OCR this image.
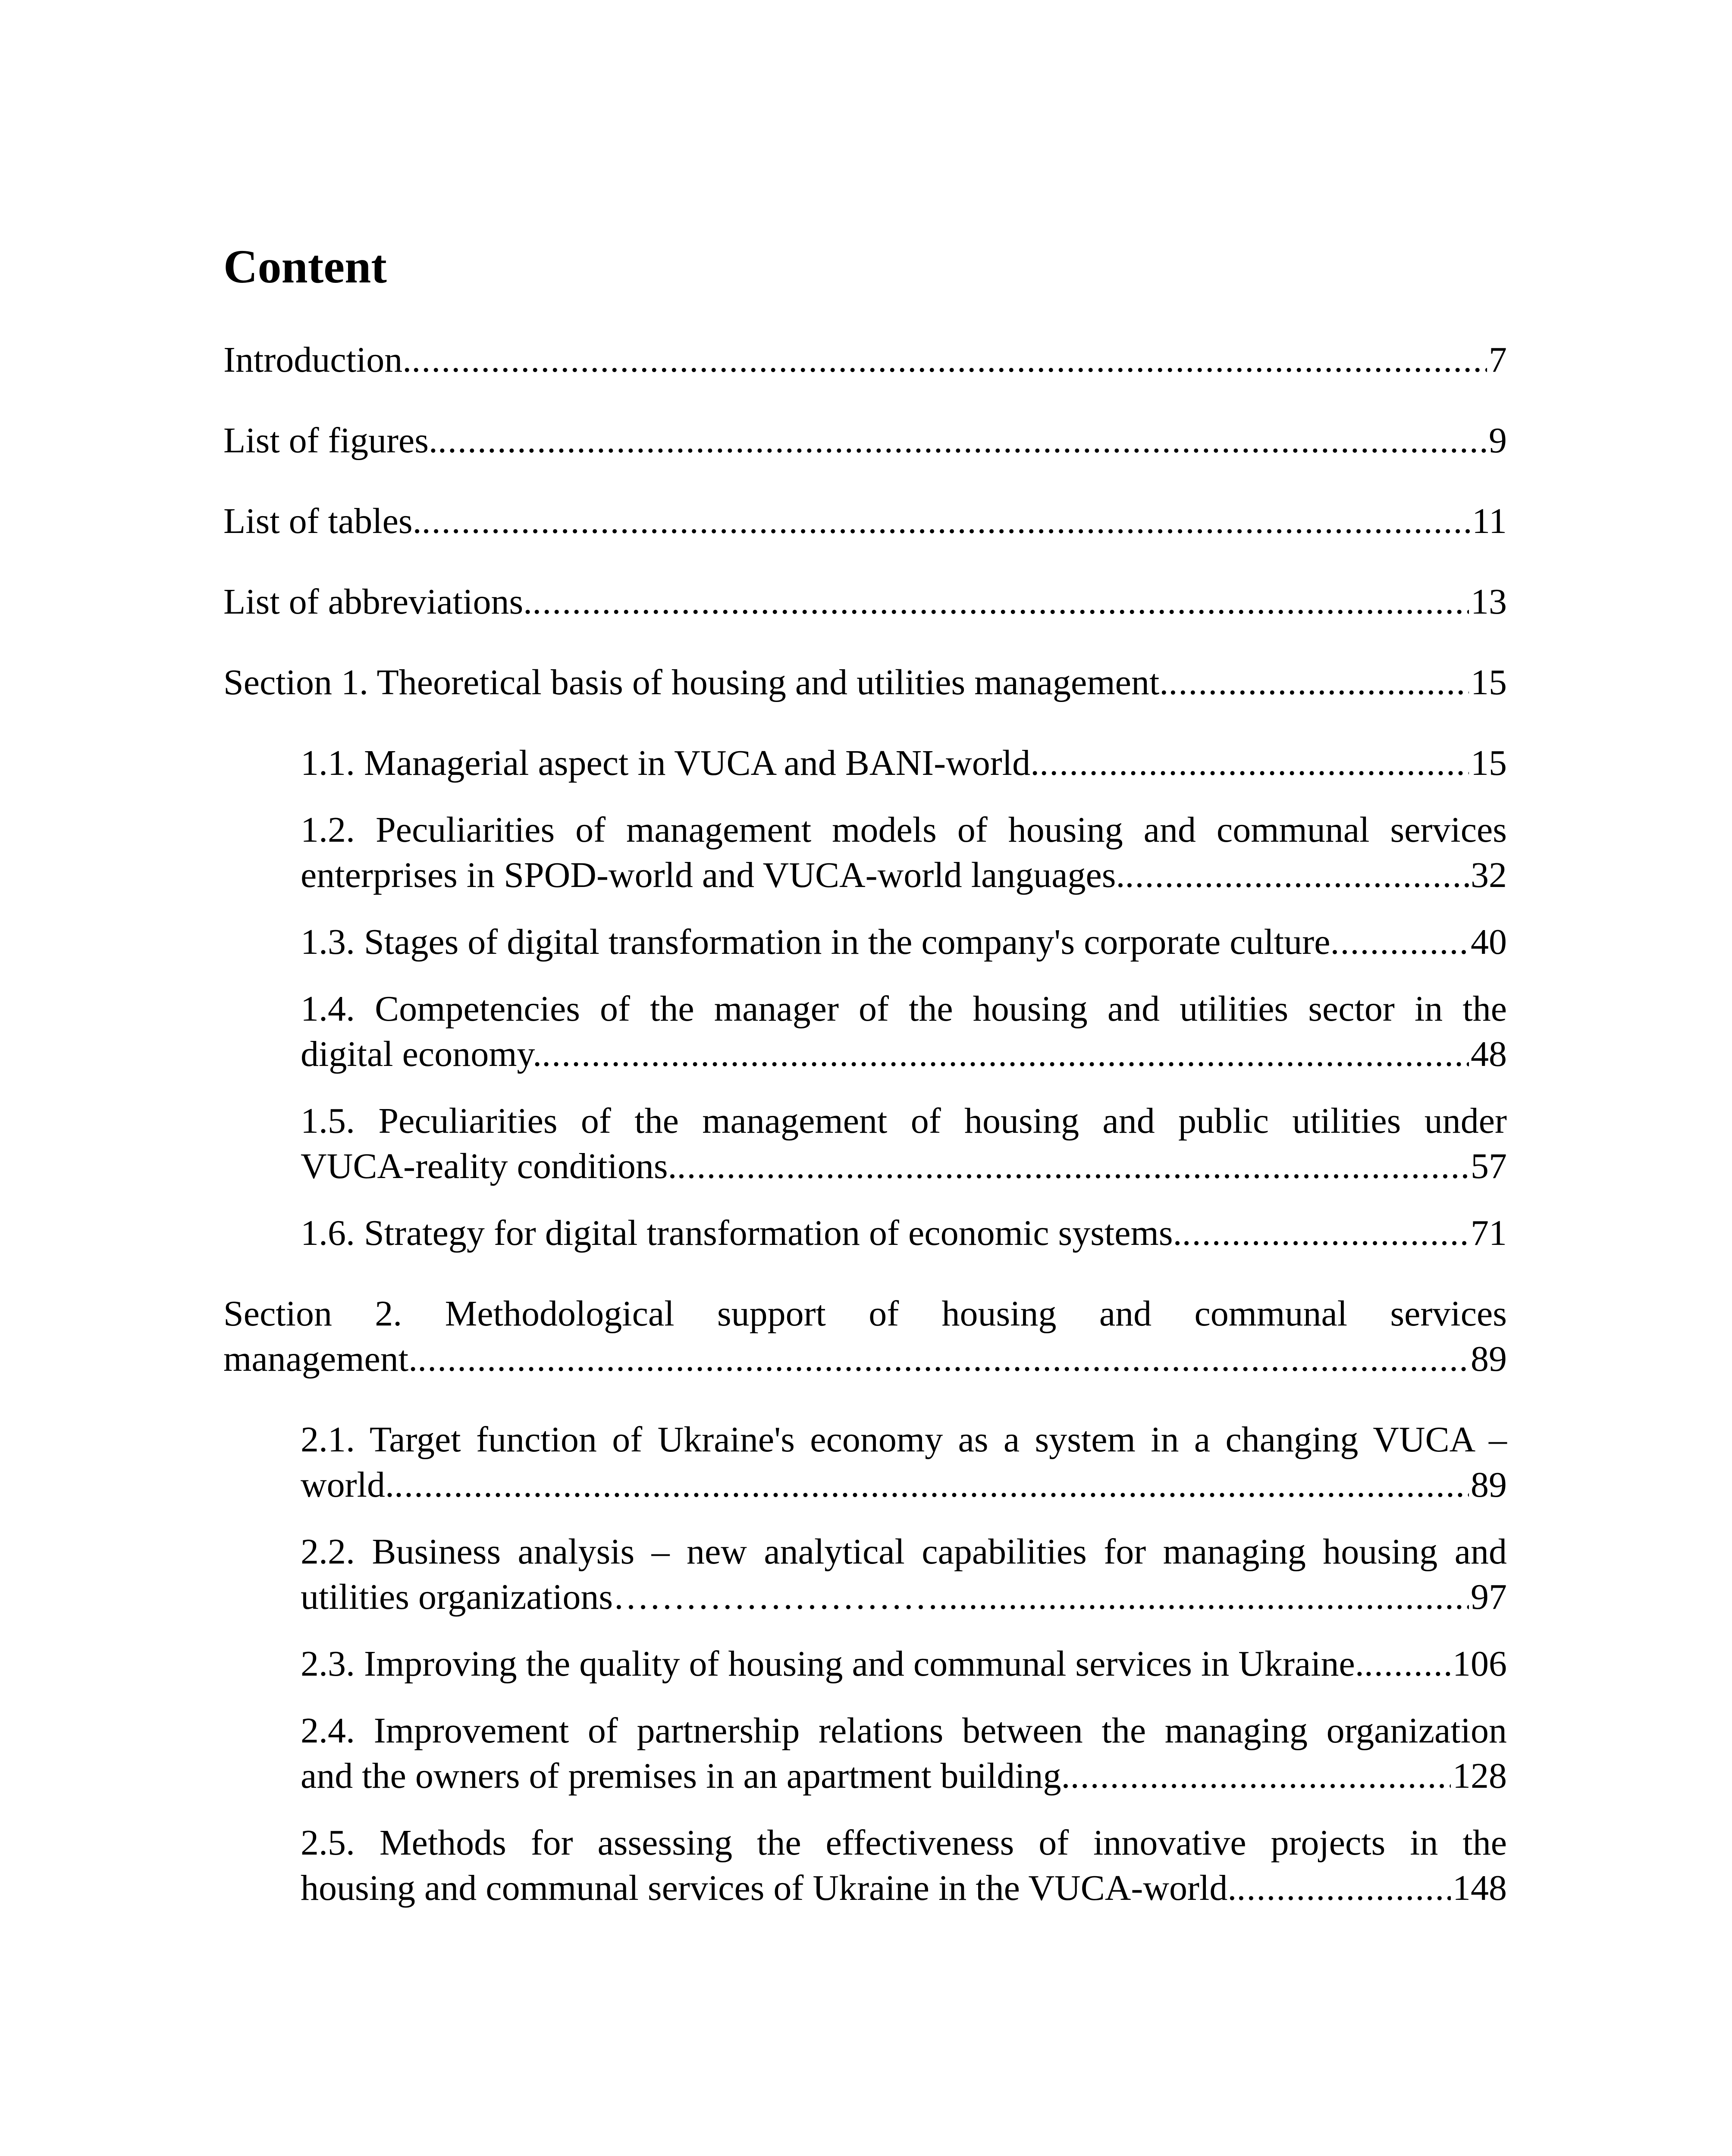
Content
Introduction. .....	7
List of figures. .....	9
List of tables. .....	11
List of abbreviations. .....	13
Section 1. Theoretical basis of housing and utilities management. .....	15
1.1. Managerial aspect in VUCA and BANI-world. .....	15
1.2. Peculiarities of management models of housing and communal services
enterprises in SPOD-world and VUCA-world languages. .....	32
1.3. Stages of digital transformation in the company's corporate culture .....	40
1.4. Competencies of the manager of the housing and utilities sector in the
digital economy. .....	48
1.5. Peculiarities of the management of housing and public utilities under
VUCA-reality conditions. .....	57
1.6. Strategy for digital transformation of economic systems. .....	71
Section 2. Methodological support of housing and communal services
management. .....	89
2.1. Target function of Ukraine's economy as a system in a changing VUCA –
world. .....	89
2.2. Business analysis – new analytical capabilities for managing housing and
utilities organizations……………………… .....	97
2.3. Improving the quality of housing and communal services in Ukraine. ..... 106
2.4. Improvement of partnership relations between the managing organization
and the owners of premises in an apartment building. .....	128
2.5. Methods for assessing the effectiveness of innovative projects in the
housing and communal services of Ukraine in the VUCA-world. .....	148
